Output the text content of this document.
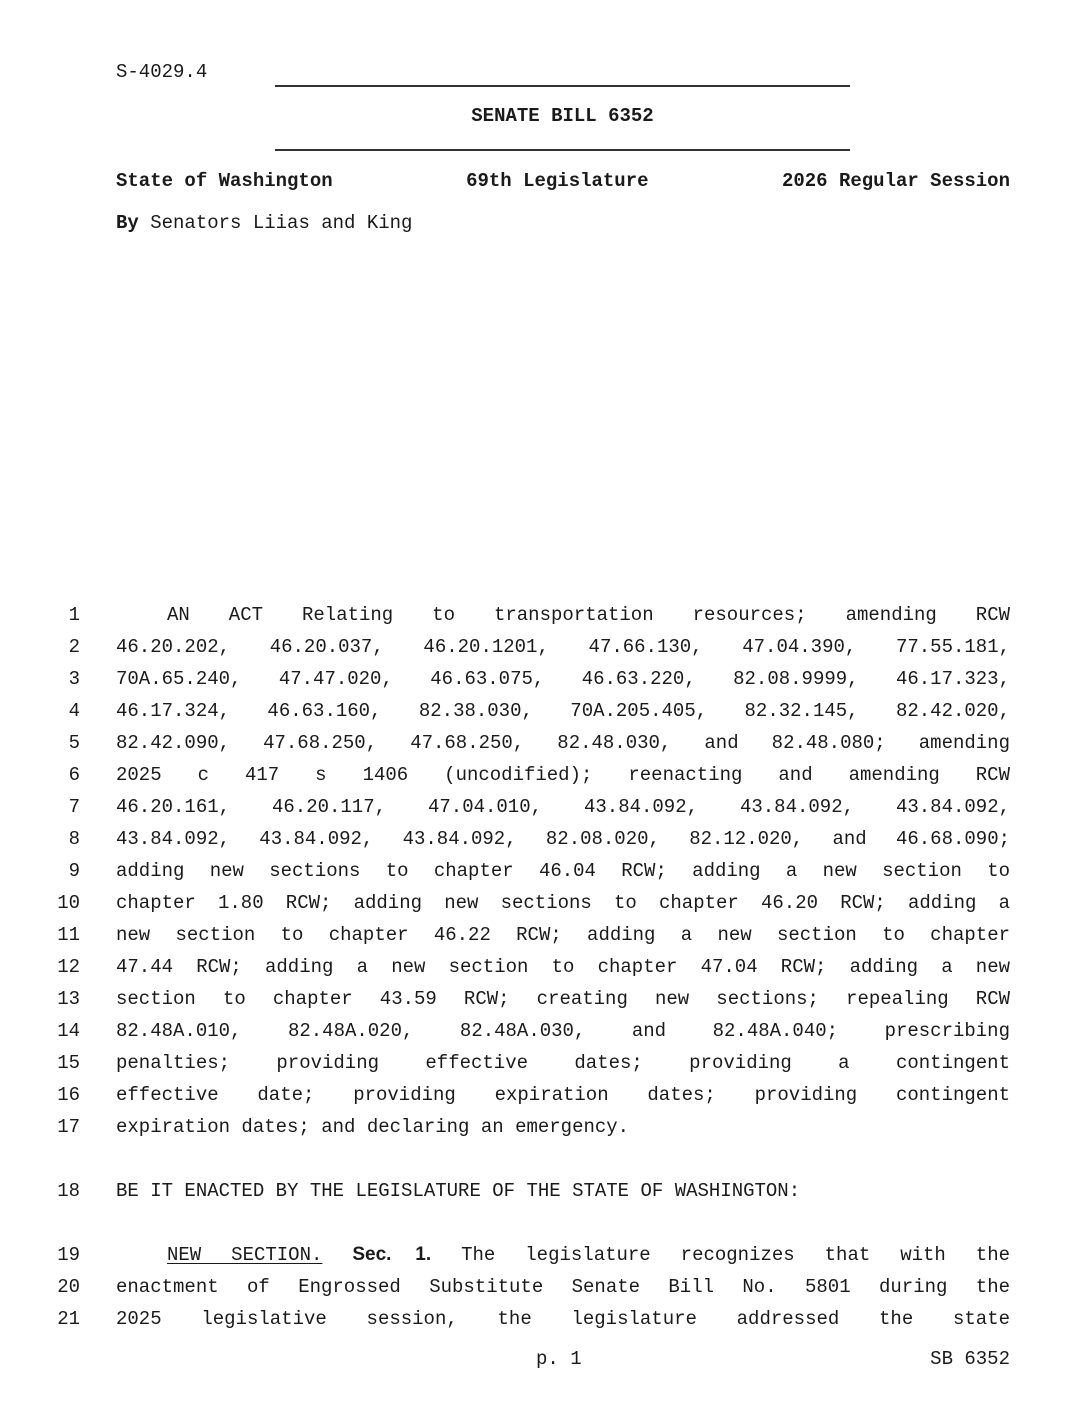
S-4029.4
SENATE BILL 6352
State of Washington	69th Legislature	2026 Regular Session
By Senators Liias and King
1	AN ACT Relating to transportation resources; amending RCW
2 46.20.202, 46.20.037, 46.20.1201, 47.66.130, 47.04.390, 77.55.181,
3 70A.65.240, 47.47.020, 46.63.075, 46.63.220, 82.08.9999, 46.17.323,
4 46.17.324, 46.63.160, 82.38.030, 70A.205.405, 82.32.145, 82.42.020,
5 82.42.090, 47.68.250, 47.68.250, 82.48.030, and 82.48.080; amending
6 2025 c 417 s 1406 (uncodified); reenacting and amending RCW
7 46.20.161, 46.20.117, 47.04.010, 43.84.092, 43.84.092, 43.84.092,
8 43.84.092, 43.84.092, 43.84.092, 82.08.020, 82.12.020, and 46.68.090;
9 adding new sections to chapter 46.04 RCW; adding a new section to
10 chapter 1.80 RCW; adding new sections to chapter 46.20 RCW; adding a
11 new section to chapter 46.22 RCW; adding a new section to chapter
12 47.44 RCW; adding a new section to chapter 47.04 RCW; adding a new
13 section to chapter 43.59 RCW; creating new sections; repealing RCW
14 82.48A.010, 82.48A.020, 82.48A.030, and 82.48A.040; prescribing
15 penalties; providing effective dates; providing a contingent
16 effective date; providing expiration dates; providing contingent
17 expiration dates; and declaring an emergency.
18 BE IT ENACTED BY THE LEGISLATURE OF THE STATE OF WASHINGTON:
19	NEW SECTION. Sec. 1. The legislature recognizes that with the
20 enactment of Engrossed Substitute Senate Bill No. 5801 during the
21 2025 legislative session, the legislature addressed the state
p. 1	SB 6352
